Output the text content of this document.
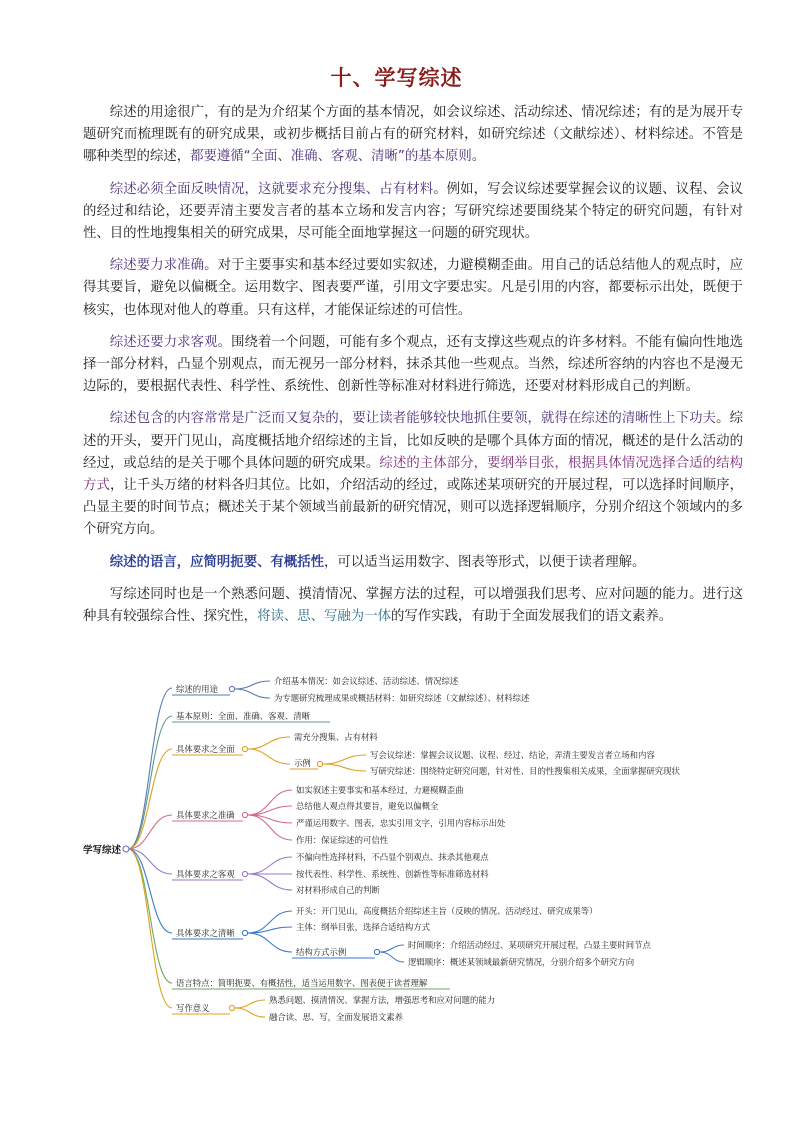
十、学写综述

综述的用途很广，有的是为介绍某个方面的基本情况，如会议综述、活动综述、情况综述；有的是为展开专题研究而梳理既有的研究成果，或初步概括目前占有的研究材料，如研究综述（文献综述）、材料综述。不管是哪种类型的综述，都要遵循“全面、准确、客观、清晰”的基本原则。

综述必须全面反映情况，这就要求充分搜集、占有材料。例如，写会议综述要掌握会议的议题、议程、会议的经过和结论，还要弄清主要发言者的基本立场和发言内容；写研究综述要围绕某个特定的研究问题，有针对性、目的性地搜集相关的研究成果，尽可能全面地掌握这一问题的研究现状。

综述要力求准确。对于主要事实和基本经过要如实叙述，力避模糊歪曲。用自己的话总结他人的观点时，应得其要旨，避免以偏概全。运用数字、图表要严谨，引用文字要忠实。凡是引用的内容，都要标示出处，既便于核实，也体现对他人的尊重。只有这样，才能保证综述的可信性。

综述还要力求客观。围绕着一个问题，可能有多个观点，还有支撑这些观点的许多材料。不能有偏向性地选择一部分材料，凸显个别观点，而无视另一部分材料，抹杀其他一些观点。当然，综述所容纳的内容也不是漫无边际的，要根据代表性、科学性、系统性、创新性等标准对材料进行筛选，还要对材料形成自己的判断。

综述包含的内容常常是广泛而又复杂的，要让读者能够较快地抓住要领，就得在综述的清晰性上下功夫。综述的开头，要开门见山，高度概括地介绍综述的主旨，比如反映的是哪个具体方面的情况，概述的是什么活动的经过，或总结的是关于哪个具体问题的研究成果。综述的主体部分，要纲举目张，根据具体情况选择合适的结构方式，让千头万绪的材料各归其位。比如，介绍活动的经过，或陈述某项研究的开展过程，可以选择时间顺序，凸显主要的时间节点；概述关于某个领域当前最新的研究情况，则可以选择逻辑顺序，分别介绍这个领域内的多个研究方向。

综述的语言，应简明扼要、有概括性，可以适当运用数字、图表等形式，以便于读者理解。

写综述同时也是一个熟悉问题、摸清情况、掌握方法的过程，可以增强我们思考、应对问题的能力。进行这种具有较强综合性、探究性，将读、思、写融为一体的写作实践，有助于全面发展我们的语文素养。

学写综述
综述的用途
介绍基本情况：如会议综述、活动综述、情况综述
为专题研究梳理成果或概括材料：如研究综述（文献综述）、材料综述
基本原则：全面、准确、客观、清晰
具体要求之全面
需充分搜集、占有材料
示例
写会议综述：掌握会议议题、议程、经过、结论，弄清主要发言者立场和内容
写研究综述：围绕特定研究问题，针对性、目的性搜集相关成果，全面掌握研究现状
具体要求之准确
如实叙述主要事实和基本经过，力避模糊歪曲
总结他人观点得其要旨，避免以偏概全
严谨运用数字、图表，忠实引用文字，引用内容标示出处
作用：保证综述的可信性
具体要求之客观
不偏向性选择材料，不凸显个别观点、抹杀其他观点
按代表性、科学性、系统性、创新性等标准筛选材料
对材料形成自己的判断
具体要求之清晰
开头：开门见山，高度概括介绍综述主旨（反映的情况、活动经过、研究成果等）
主体：纲举目张，选择合适结构方式
结构方式示例
时间顺序：介绍活动经过、某项研究开展过程，凸显主要时间节点
逻辑顺序：概述某领域最新研究情况，分别介绍多个研究方向
语言特点：简明扼要、有概括性，适当运用数字、图表便于读者理解
写作意义
熟悉问题、摸清情况、掌握方法，增强思考和应对问题的能力
融合读、思、写，全面发展语文素养
